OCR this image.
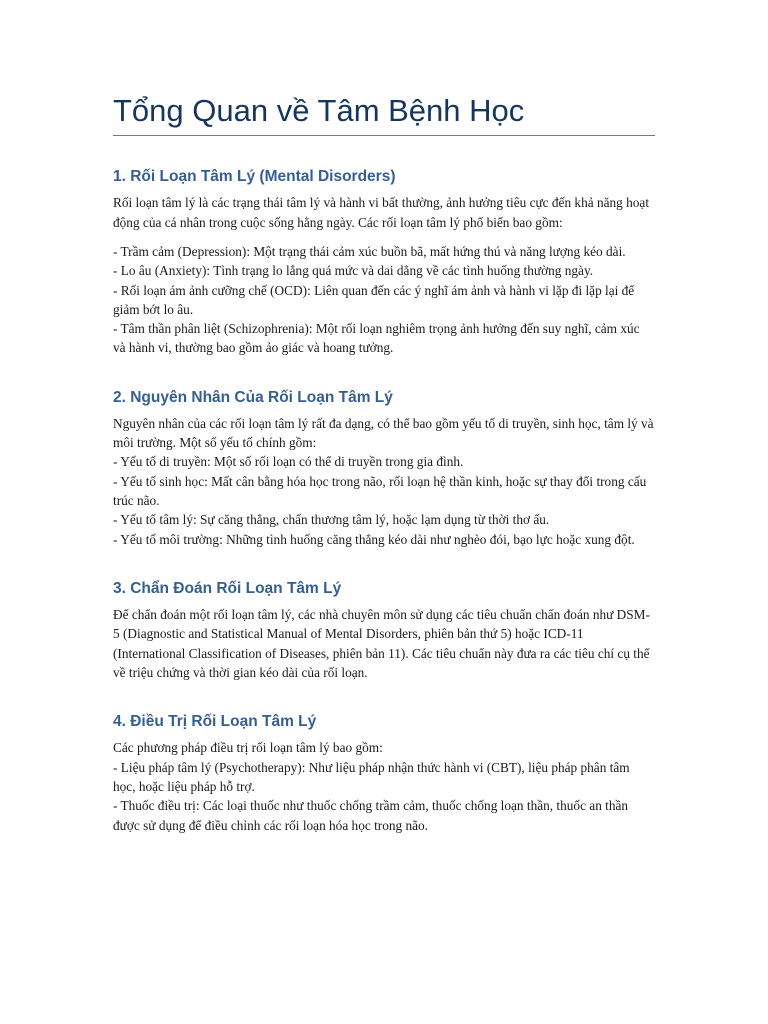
Tổng Quan về Tâm Bệnh Học
1. Rối Loạn Tâm Lý (Mental Disorders)

Rối loạn tâm lý là các trạng thái tâm lý và hành vi bất thường, ảnh hưởng tiêu cực đến khả năng hoạt động của cá nhân trong cuộc sống hằng ngày. Các rối loạn tâm lý phổ biến bao gồm:

- Trầm cảm (Depression): Một trạng thái cảm xúc buồn bã, mất hứng thú và năng lượng kéo dài.
- Lo âu (Anxiety): Tình trạng lo lắng quá mức và dai dẳng về các tình huống thường ngày.
- Rối loạn ám ảnh cưỡng chế (OCD): Liên quan đến các ý nghĩ ám ảnh và hành vi lặp đi lặp lại để giảm bớt lo âu.
- Tâm thần phân liệt (Schizophrenia): Một rối loạn nghiêm trọng ảnh hưởng đến suy nghĩ, cảm xúc và hành vi, thường bao gồm ảo giác và hoang tưởng.
2. Nguyên Nhân Của Rối Loạn Tâm Lý

Nguyên nhân của các rối loạn tâm lý rất đa dạng, có thể bao gồm yếu tố di truyền, sinh học, tâm lý và môi trường. Một số yếu tố chính gồm:

- Yếu tố di truyền: Một số rối loạn có thể di truyền trong gia đình.
- Yếu tố sinh học: Mất cân bằng hóa học trong não, rối loạn hệ thần kinh, hoặc sự thay đổi trong cấu trúc não.
- Yếu tố tâm lý: Sự căng thẳng, chấn thương tâm lý, hoặc lạm dụng từ thời thơ ấu.
- Yếu tố môi trường: Những tình huống căng thẳng kéo dài như nghèo đói, bạo lực hoặc xung đột.
3. Chẩn Đoán Rối Loạn Tâm Lý

Để chẩn đoán một rối loạn tâm lý, các nhà chuyên môn sử dụng các tiêu chuẩn chẩn đoán như DSM-5 (Diagnostic and Statistical Manual of Mental Disorders, phiên bản thứ 5) hoặc ICD-11 (International Classification of Diseases, phiên bản 11). Các tiêu chuẩn này đưa ra các tiêu chí cụ thể về triệu chứng và thời gian kéo dài của rối loạn.

4. Điều Trị Rối Loạn Tâm Lý

Các phương pháp điều trị rối loạn tâm lý bao gồm:

- Liệu pháp tâm lý (Psychotherapy): Như liệu pháp nhận thức hành vi (CBT), liệu pháp phân tâm học, hoặc liệu pháp hỗ trợ.
- Thuốc điều trị: Các loại thuốc như thuốc chống trầm cảm, thuốc chống loạn thần, thuốc an thần được sử dụng để điều chỉnh các rối loạn hóa học trong não.
